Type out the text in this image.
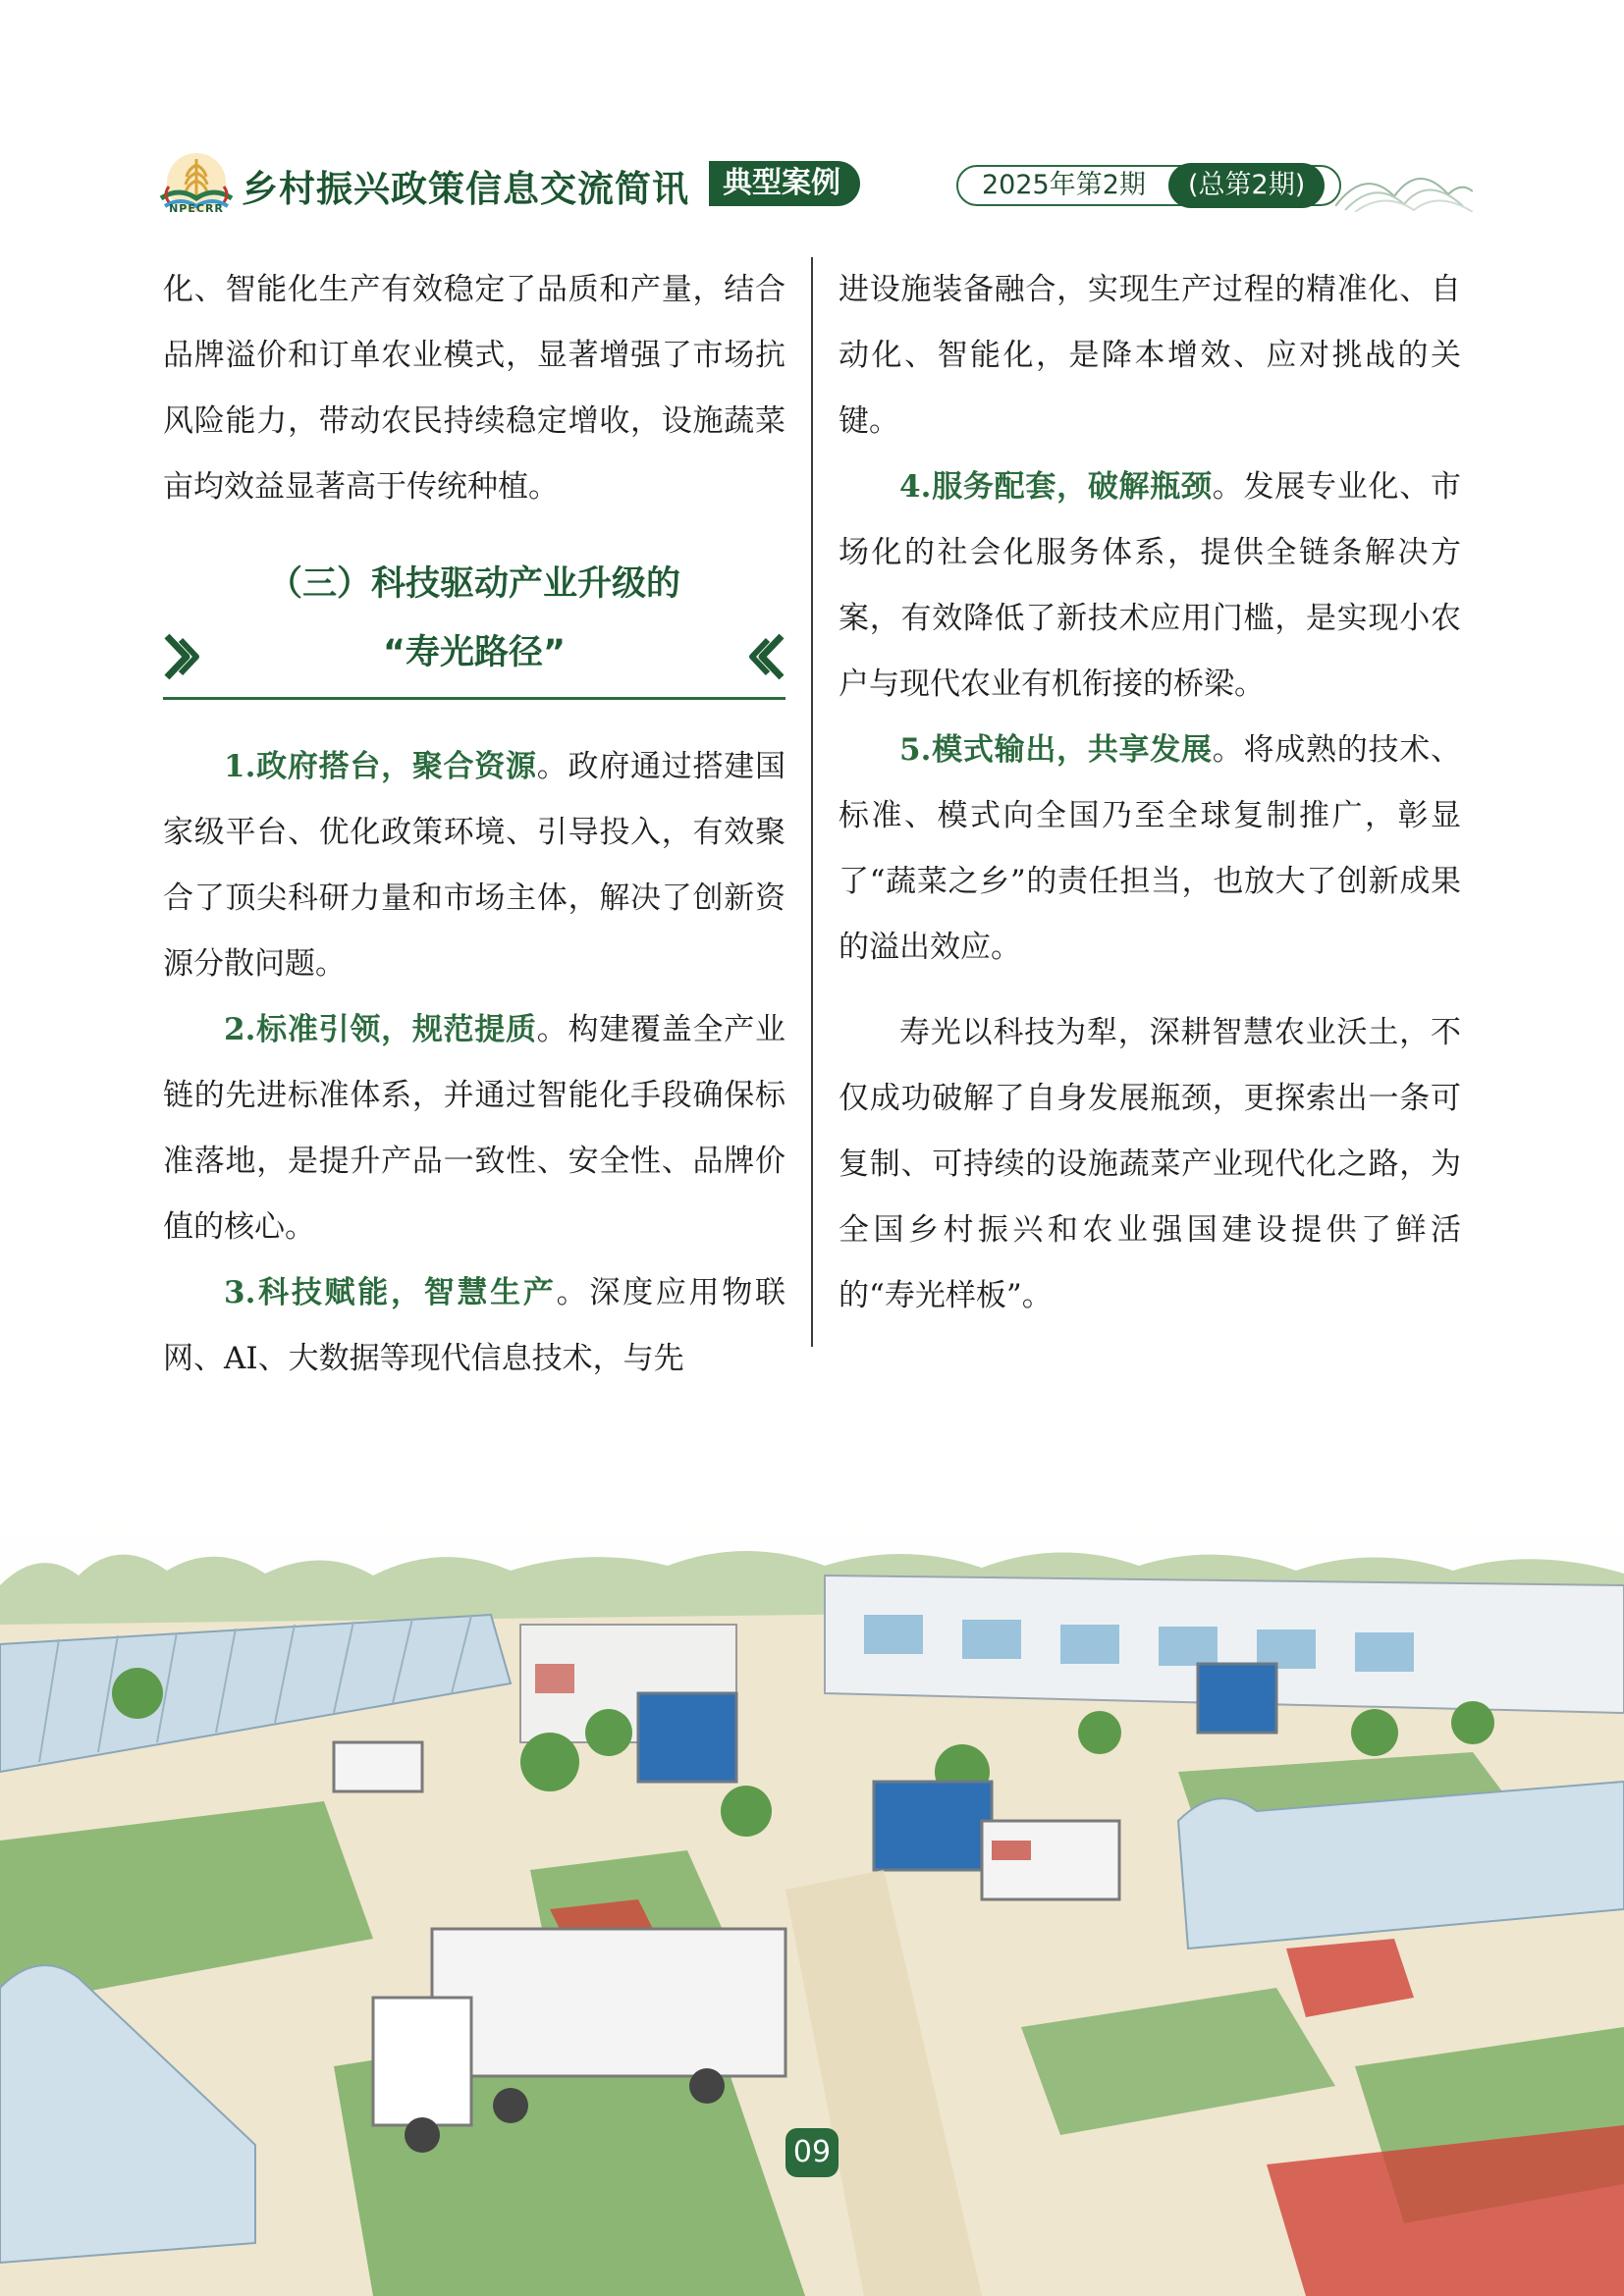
NPECRR 乡村振兴政策信息交流简讯	典型案例	2025年第2期	(总第2期)

化、智能化生产有效稳定了品质和产量，结合品牌溢价和订单农业模式，显著增强了市场抗风险能力，带动农民持续稳定增收，设施蔬菜亩均效益显著高于传统种植。

（三）科技驱动产业升级的
“寿光路径”

1.政府搭台，聚合资源。政府通过搭建国家级平台、优化政策环境、引导投入，有效聚合了顶尖科研力量和市场主体，解决了创新资源分散问题。

2.标准引领，规范提质。构建覆盖全产业链的先进标准体系，并通过智能化手段确保标准落地，是提升产品一致性、安全性、品牌价值的核心。

3.科技赋能，智慧生产。深度应用物联网、AI、大数据等现代信息技术，与先

进设施装备融合，实现生产过程的精准化、自动化、智能化，是降本增效、应对挑战的关键。

4.服务配套，破解瓶颈。发展专业化、市场化的社会化服务体系，提供全链条解决方案，有效降低了新技术应用门槛，是实现小农户与现代农业有机衔接的桥梁。

5.模式输出，共享发展。将成熟的技术、标准、模式向全国乃至全球复制推广，彰显了“蔬菜之乡”的责任担当，也放大了创新成果的溢出效应。

寿光以科技为犁，深耕智慧农业沃土，不仅成功破解了自身发展瓶颈，更探索出一条可复制、可持续的设施蔬菜产业现代化之路，为全国乡村振兴和农业强国建设提供了鲜活的“寿光样板”。

09
